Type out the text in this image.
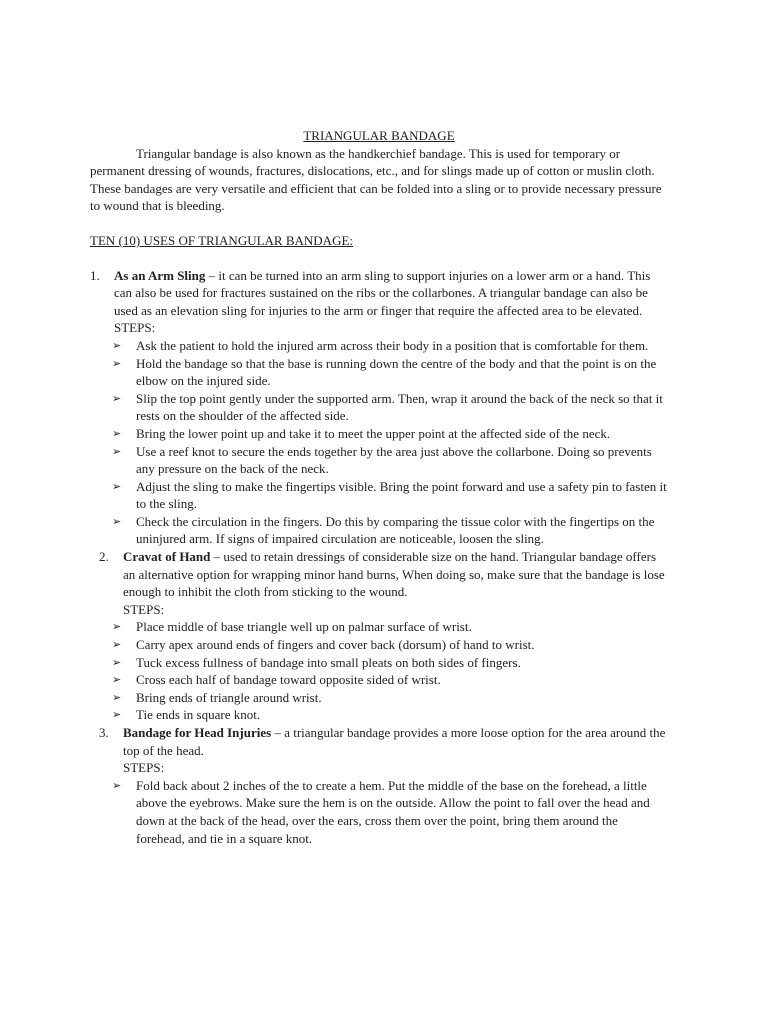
TRIANGULAR BANDAGE

Triangular bandage is also known as the handkerchief bandage. This is used for temporary or permanent dressing of wounds, fractures, dislocations, etc., and for slings made up of cotton or muslin cloth. These bandages are very versatile and efficient that can be folded into a sling or to provide necessary pressure to wound that is bleeding.

TEN (10) USES OF TRIANGULAR BANDAGE:
1. As an Arm Sling – it can be turned into an arm sling to support injuries on a lower arm or a hand. This can also be used for fractures sustained on the ribs or the collarbones. A triangular bandage can also be used as an elevation sling for injuries to the arm or finger that require the affected area to be elevated.
STEPS:
➢	Ask the patient to hold the injured arm across their body in a position that is comfortable for them.
➢	Hold the bandage so that the base is running down the centre of the body and that the point is on the elbow on the injured side.
➢	Slip the top point gently under the supported arm. Then, wrap it around the back of the neck so that it rests on the shoulder of the affected side.
➢	Bring the lower point up and take it to meet the upper point at the affected side of the neck.
➢	Use a reef knot to secure the ends together by the area just above the collarbone. Doing so prevents any pressure on the back of the neck.
➢	Adjust the sling to make the fingertips visible. Bring the point forward and use a safety pin to fasten it to the sling.
➢	Check the circulation in the fingers. Do this by comparing the tissue color with the fingertips on the uninjured arm. If signs of impaired circulation are noticeable, loosen the sling.
2. Cravat of Hand – used to retain dressings of considerable size on the hand. Triangular bandage offers an alternative option for wrapping minor hand burns, When doing so, make sure that the bandage is lose enough to inhibit the cloth from sticking to the wound.
STEPS:
➢	Place middle of base triangle well up on palmar surface of wrist.
➢	Carry apex around ends of fingers and cover back (dorsum) of hand to wrist.
➢	Tuck excess fullness of bandage into small pleats on both sides of fingers.
➢	Cross each half of bandage toward opposite sided of wrist.
➢	Bring ends of triangle around wrist.
➢	Tie ends in square knot.
3. Bandage for Head Injuries – a triangular bandage provides a more loose option for the area around the top of the head.
STEPS:
➢	Fold back about 2 inches of the to create a hem. Put the middle of the base on the forehead, a little above the eyebrows. Make sure the hem is on the outside. Allow the point to fall over the head and down at the back of the head, over the ears, cross them over the point, bring them around the forehead, and tie in a square knot.
